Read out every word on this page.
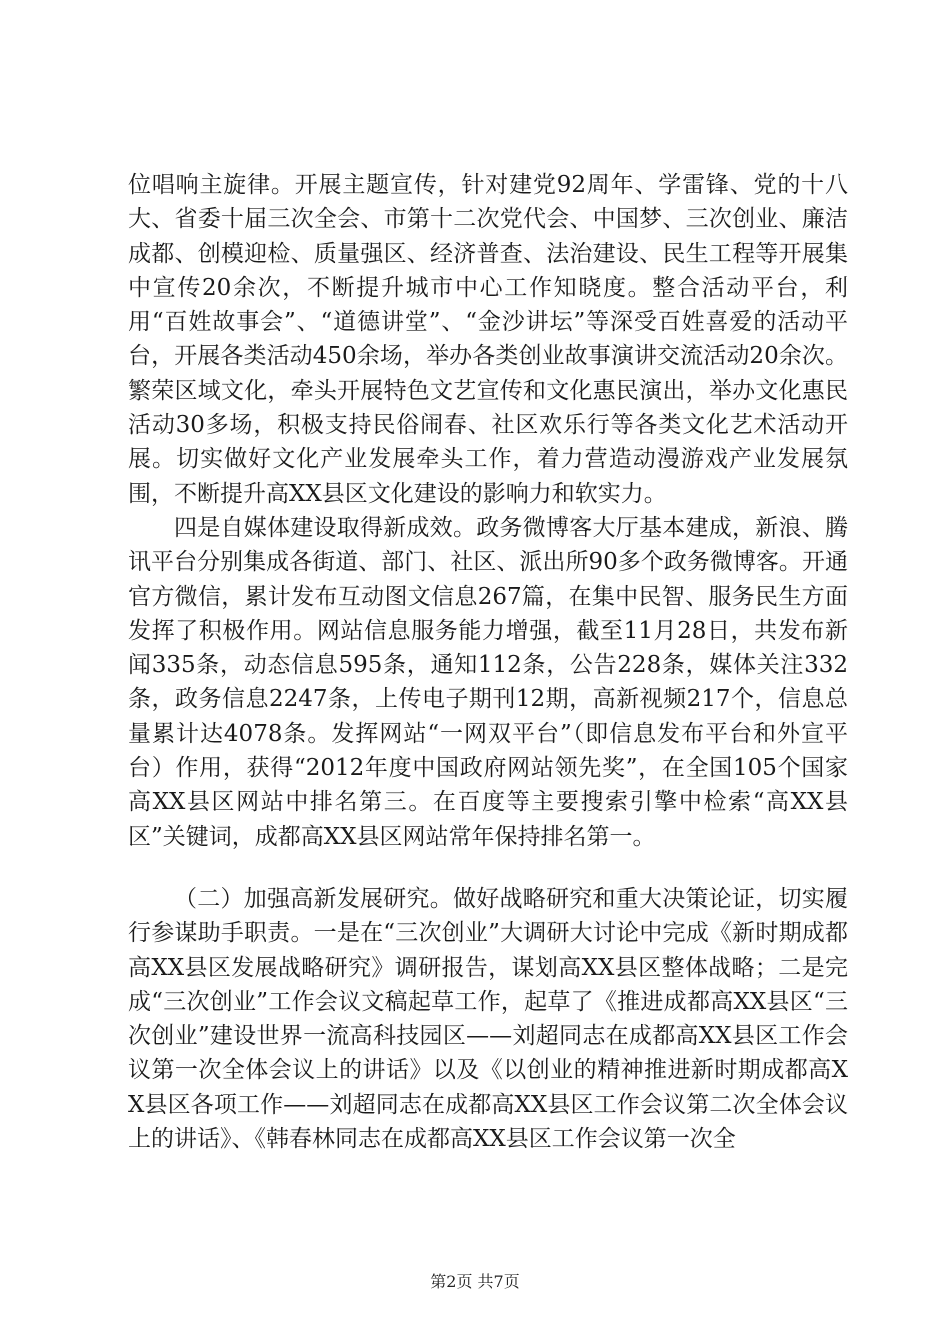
位唱响主旋律。开展主题宣传，针对建党92周年、学雷锋、党的十八大、省委十届三次全会、市第十二次党代会、中国梦、三次创业、廉洁成都、创模迎检、质量强区、经济普查、法治建设、民生工程等开展集中宣传20余次，不断提升城市中心工作知晓度。整合活动平台，利用“百姓故事会”、“道德讲堂”、“金沙讲坛”等深受百姓喜爱的活动平台，开展各类活动450余场，举办各类创业故事演讲交流活动20余次。繁荣区域文化，牵头开展特色文艺宣传和文化惠民演出，举办文化惠民活动30多场，积极支持民俗闹春、社区欢乐行等各类文化艺术活动开展。切实做好文化产业发展牵头工作，着力营造动漫游戏产业发展氛围，不断提升高XX县区文化建设的影响力和软实力。

四是自媒体建设取得新成效。政务微博客大厅基本建成，新浪、腾讯平台分别集成各街道、部门、社区、派出所90多个政务微博客。开通官方微信，累计发布互动图文信息267篇，在集中民智、服务民生方面发挥了积极作用。网站信息服务能力增强，截至11月28日，共发布新闻335条，动态信息595条，通知112条，公告228条，媒体关注332条，政务信息2247条，上传电子期刊12期，高新视频217个，信息总量累计达4078条。发挥网站“一网双平台”（即信息发布平台和外宣平台）作用，获得“2012年度中国政府网站领先奖”，在全国105个国家高XX县区网站中排名第三。在百度等主要搜索引擎中检索“高XX县区”关键词，成都高XX县区网站常年保持排名第一。

（二）加强高新发展研究。做好战略研究和重大决策论证，切实履行参谋助手职责。一是在“三次创业”大调研大讨论中完成《新时期成都高XX县区发展战略研究》调研报告，谋划高XX县区整体战略；二是完成“三次创业”工作会议文稿起草工作，起草了《推进成都高XX县区“三次创业”建设世界一流高科技园区——刘超同志在成都高XX县区工作会议第一次全体会议上的讲话》以及《以创业的精神推进新时期成都高XX县区各项工作——刘超同志在成都高XX县区工作会议第二次全体会议上的讲话》、《韩春林同志在成都高XX县区工作会议第一次全

第2页 共7页
